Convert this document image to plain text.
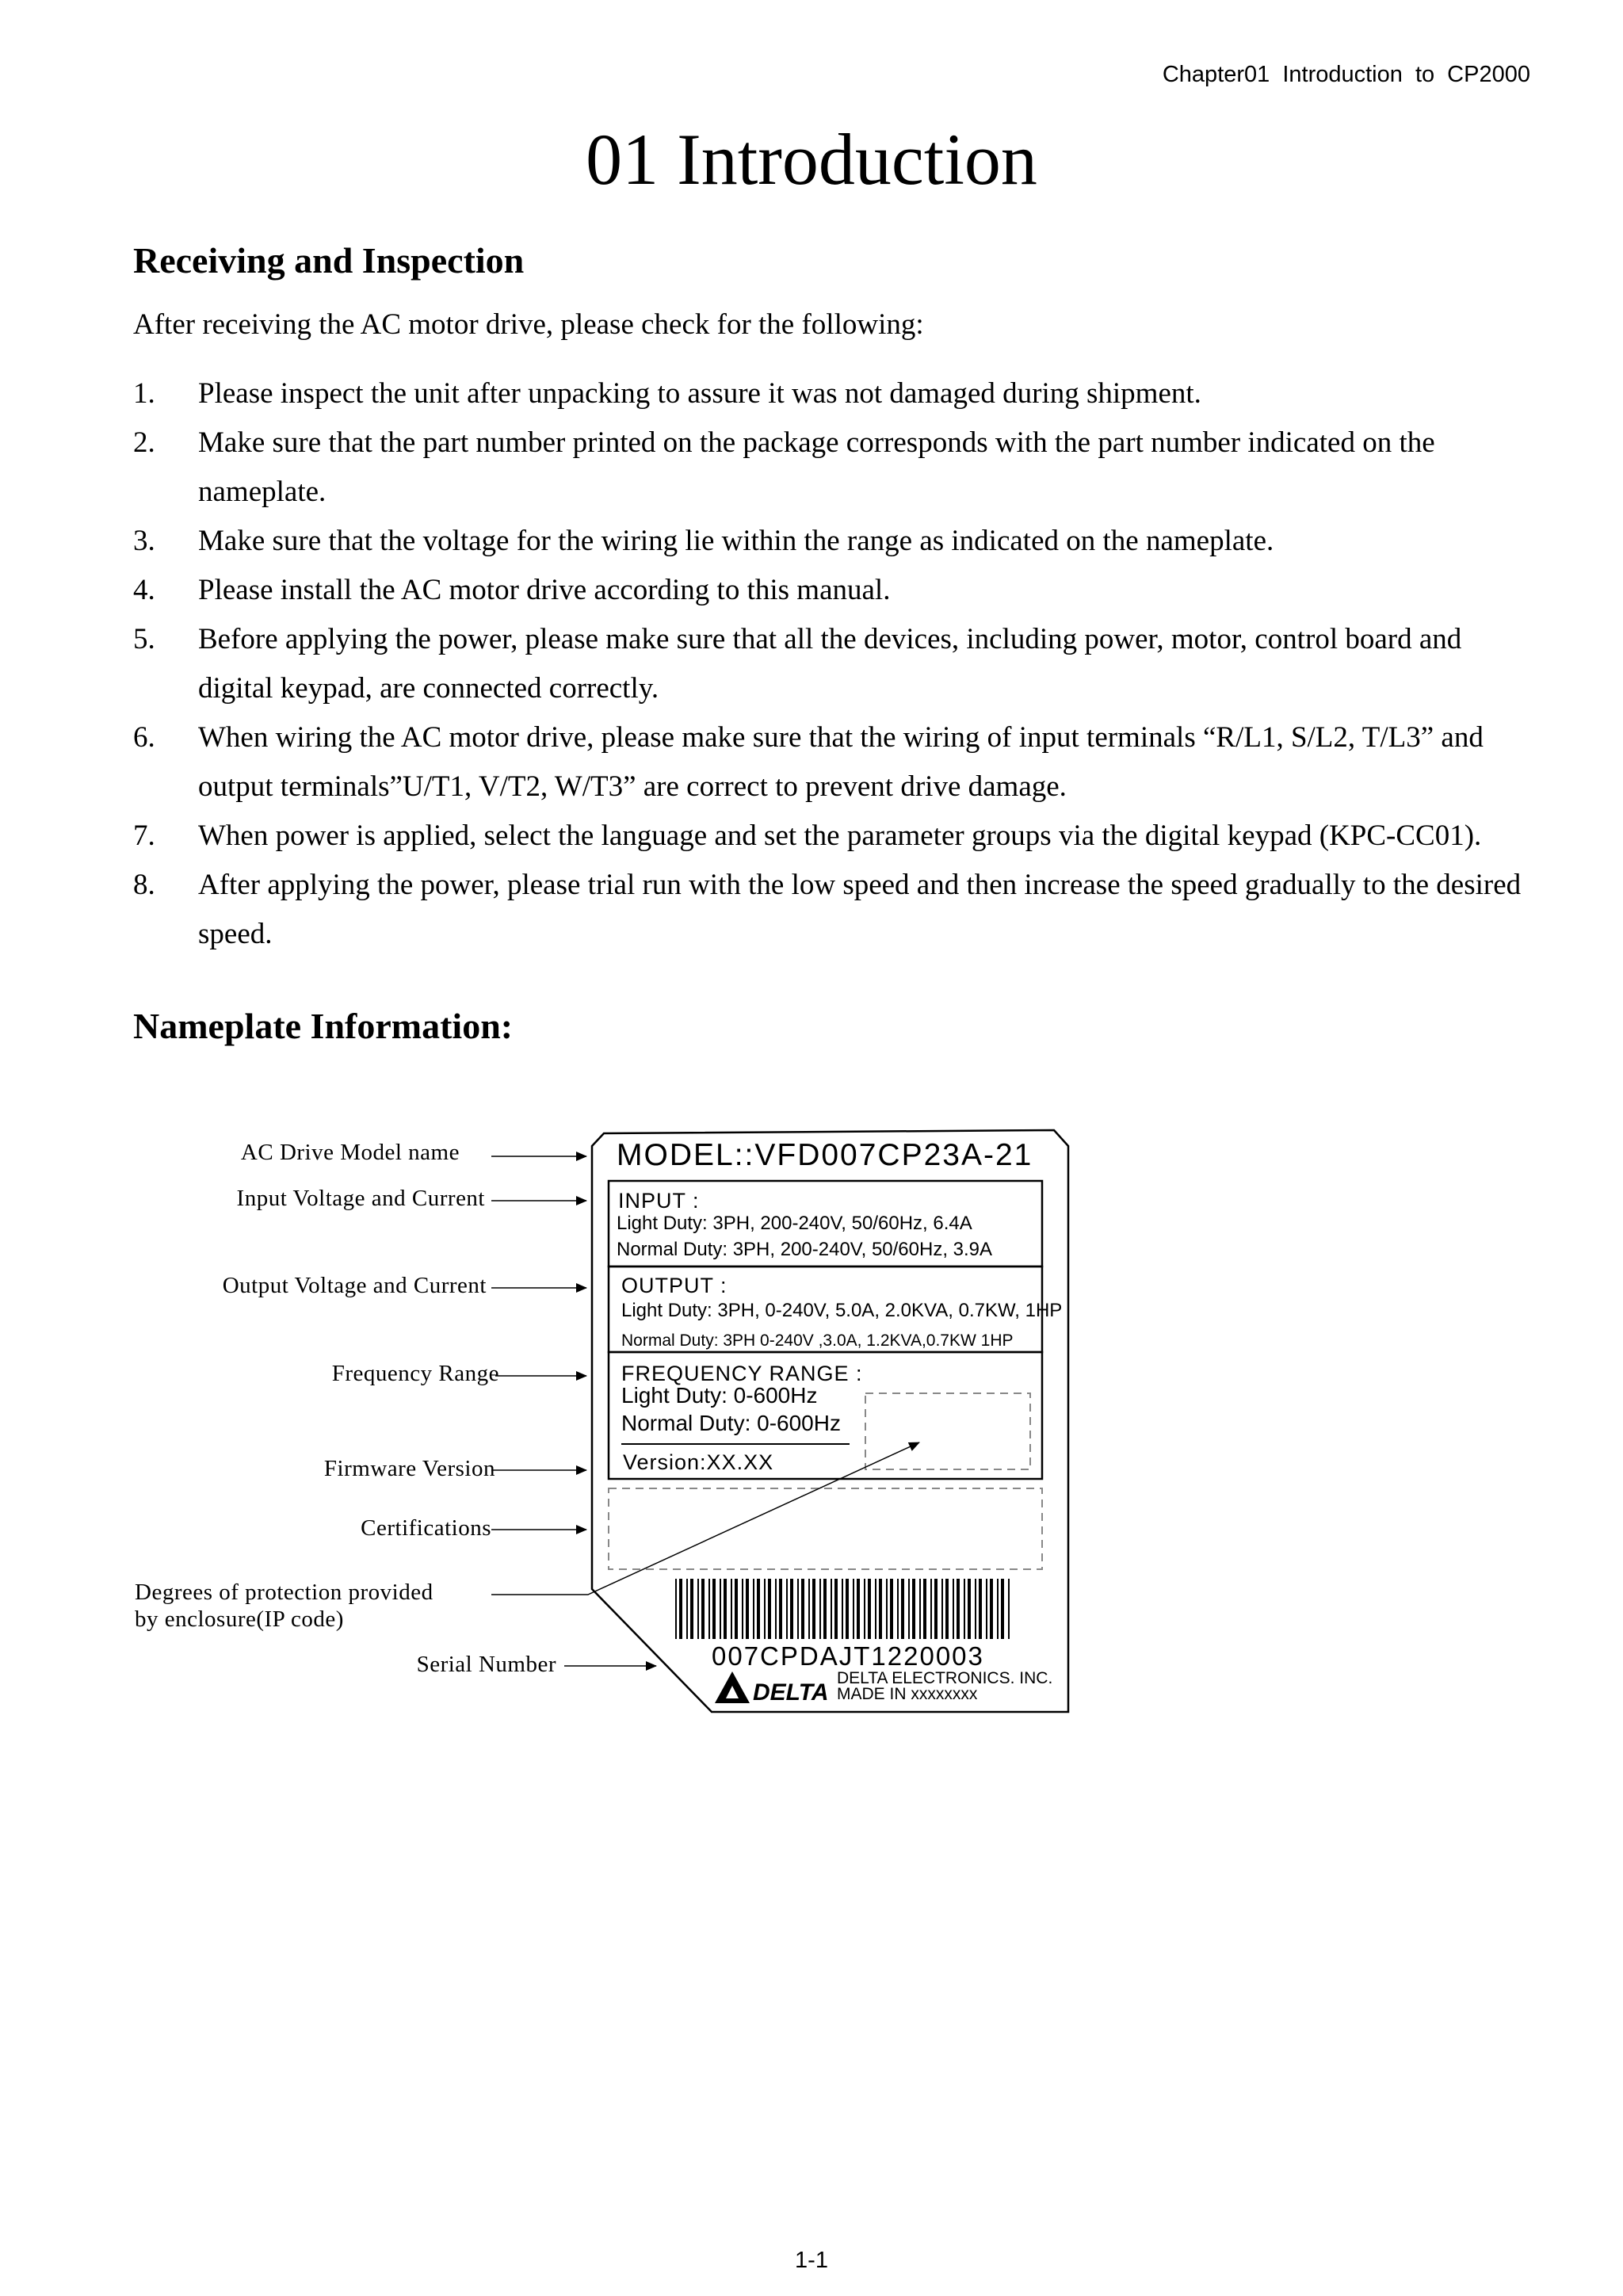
Chapter01 Introduction to CP2000
01 Introduction
Receiving and Inspection
After receiving the AC motor drive, please check for the following:
1. Please inspect the unit after unpacking to assure it was not damaged during shipment.
2. Make sure that the part number printed on the package corresponds with the part number indicated on the nameplate.
3. Make sure that the voltage for the wiring lie within the range as indicated on the nameplate.
4. Please install the AC motor drive according to this manual.
5. Before applying the power, please make sure that all the devices, including power, motor, control board and digital keypad, are connected correctly.
6. When wiring the AC motor drive, please make sure that the wiring of input terminals “R/L1, S/L2, T/L3” and output terminals”U/T1, V/T2, W/T3” are correct to prevent drive damage.
7. When power is applied, select the language and set the parameter groups via the digital keypad (KPC-CC01).
8. After applying the power, please trial run with the low speed and then increase the speed gradually to the desired speed.
Nameplate Information:
AC Drive Model name
Input Voltage and Current
Output Voltage and Current
Frequency Range
Firmware Version
Certifications
Degrees of protection provided
by enclosure(IP code)
Serial Number
MODEL::VFD007CP23A-21
INPUT :
Light Duty: 3PH, 200-240V, 50/60Hz, 6.4A
Normal Duty: 3PH, 200-240V, 50/60Hz, 3.9A
OUTPUT :
Light Duty: 3PH, 0-240V, 5.0A, 2.0KVA, 0.7KW, 1HP
Normal Duty: 3PH 0-240V ,3.0A, 1.2KVA,0.7KW 1HP
FREQUENCY RANGE :
Light Duty: 0-600Hz
Normal Duty: 0-600Hz
Version:XX.XX
007CPDAJT1220003
DELTA
DELTA ELECTRONICS. INC.
MADE IN xxxxxxxx
1-1
